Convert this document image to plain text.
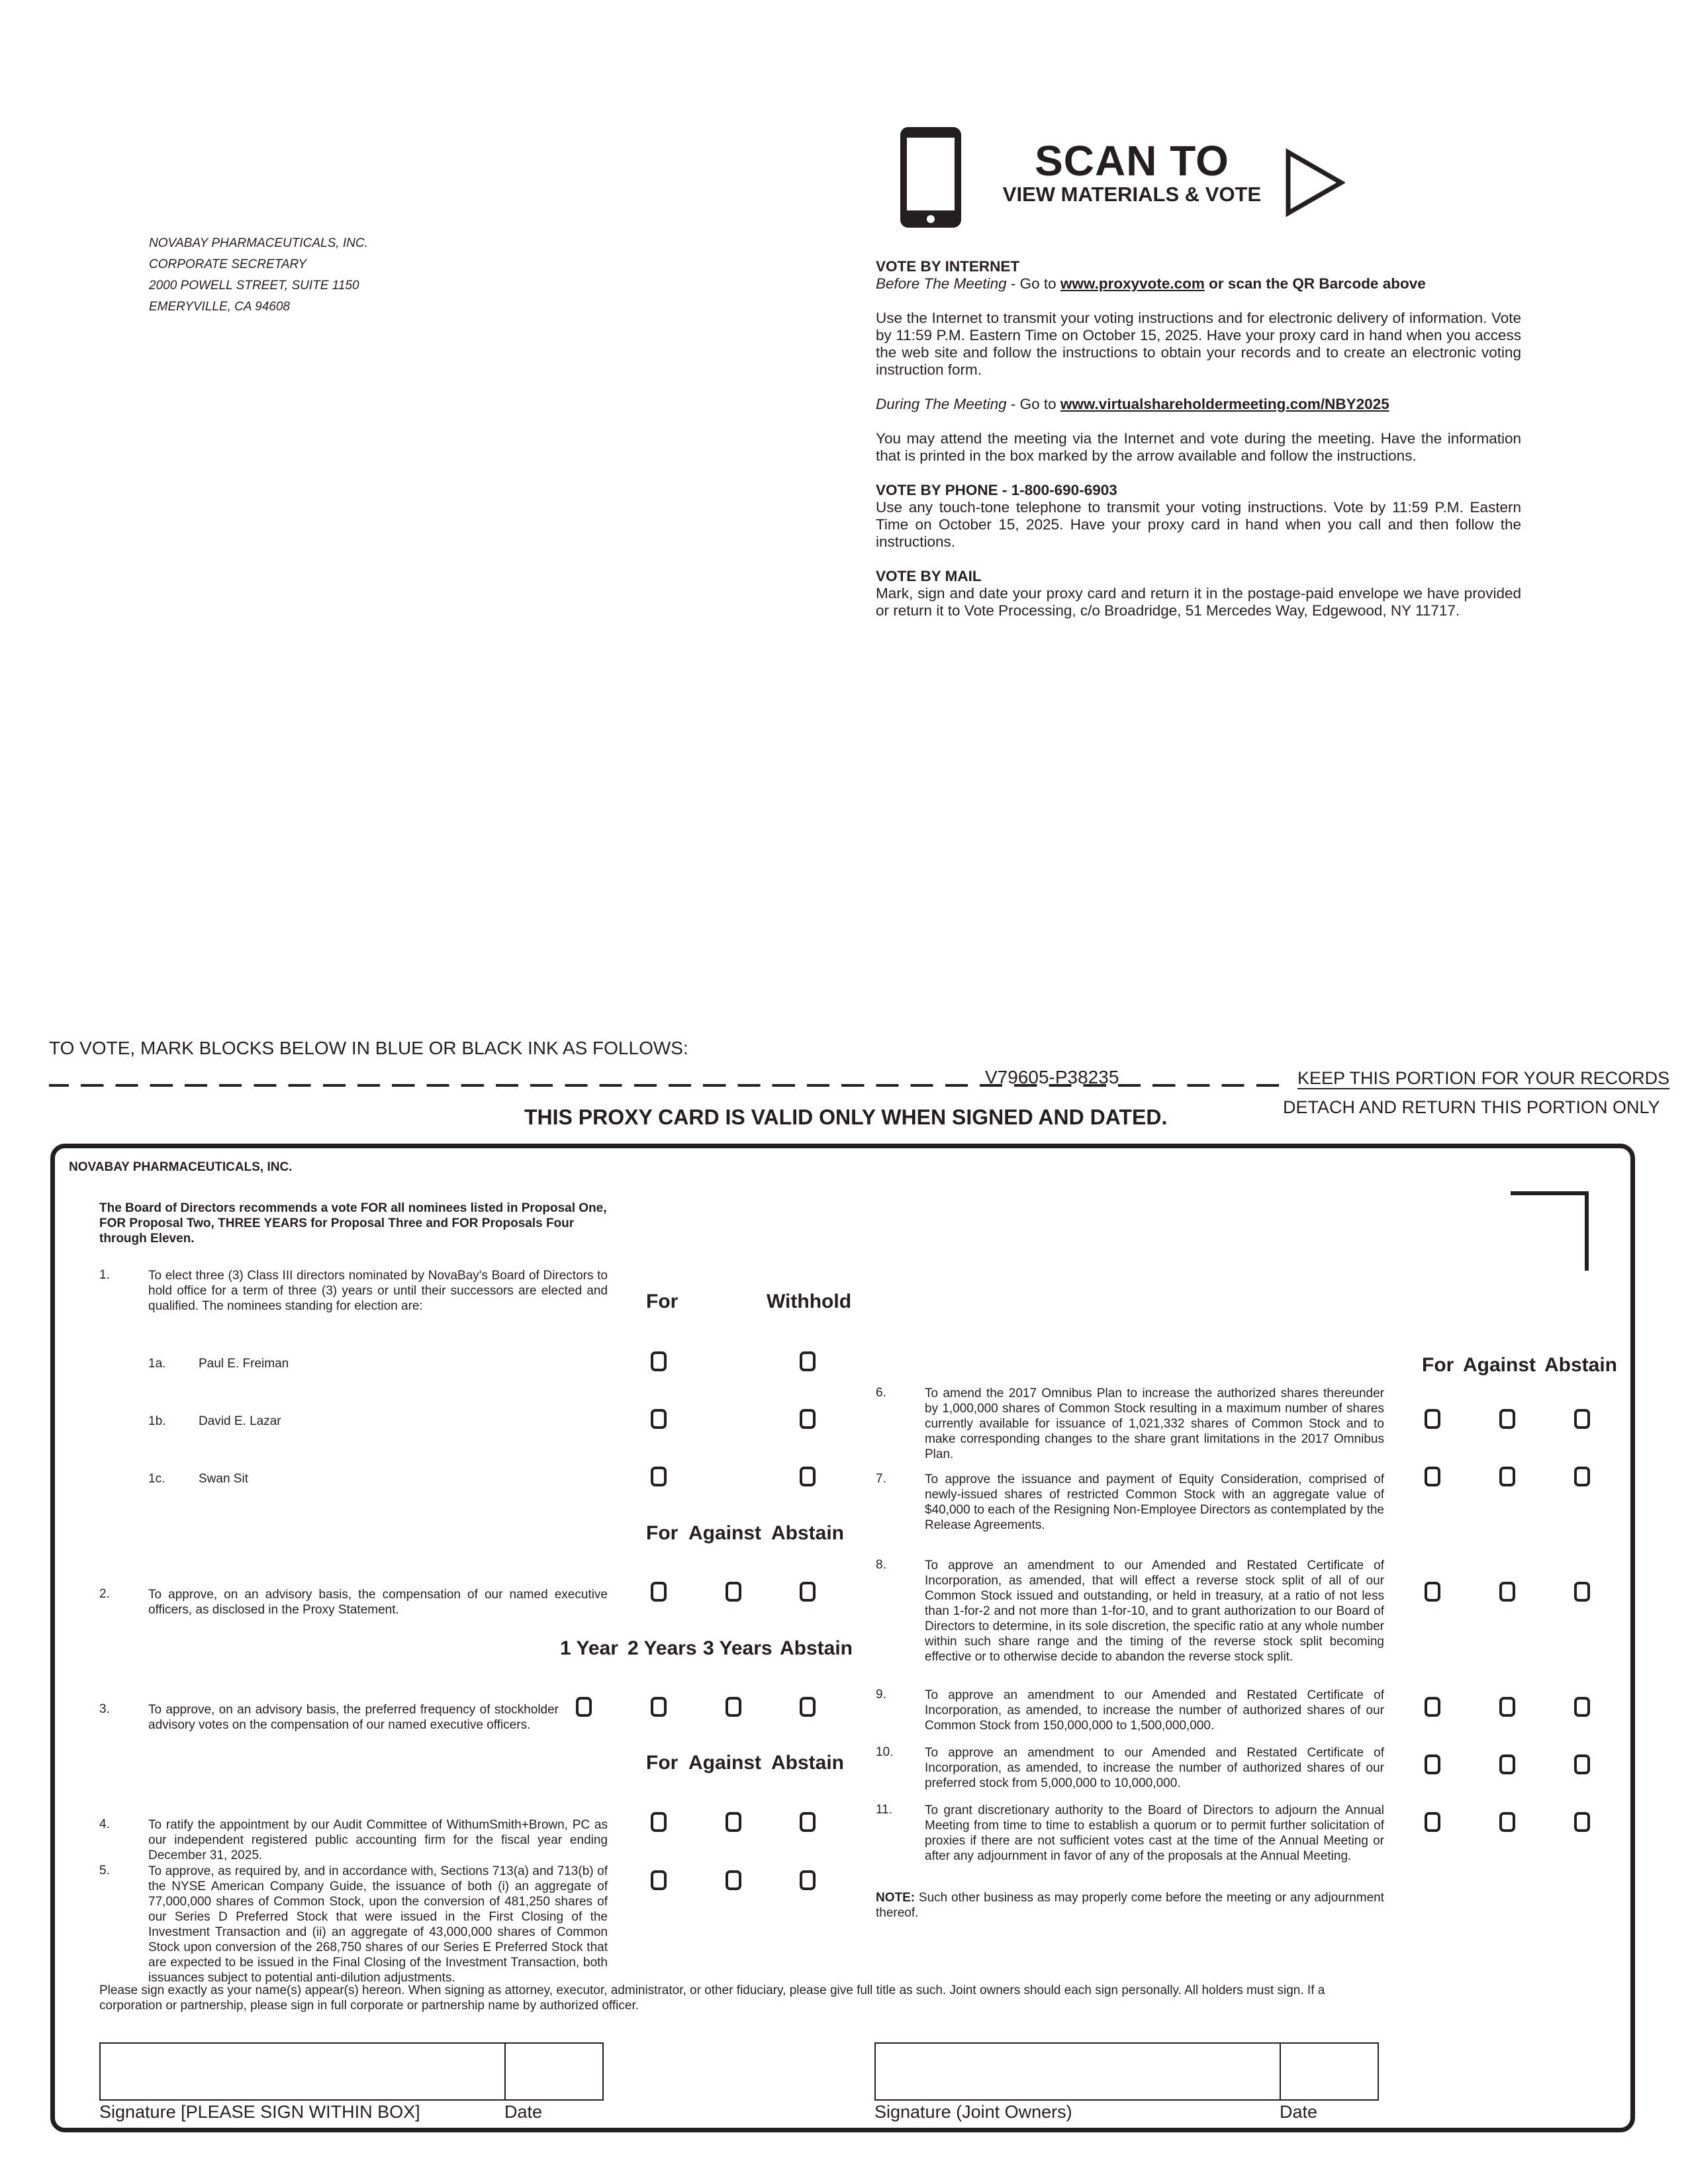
NOVABAY PHARMACEUTICALS, INC.
CORPORATE SECRETARY
2000 POWELL STREET, SUITE 1150
EMERYVILLE, CA 94608
SCAN TO
VIEW MATERIALS & VOTE
VOTE BY INTERNET
Before The Meeting - Go to www.proxyvote.com or scan the QR Barcode above

Use the Internet to transmit your voting instructions and for electronic delivery of information. Vote by 11:59 P.M. Eastern Time on October 15, 2025. Have your proxy card in hand when you access the web site and follow the instructions to obtain your records and to create an electronic voting instruction form.

During The Meeting - Go to www.virtualshareholdermeeting.com/NBY2025

You may attend the meeting via the Internet and vote during the meeting. Have the information that is printed in the box marked by the arrow available and follow the instructions.

VOTE BY PHONE - 1-800-690-6903
Use any touch-tone telephone to transmit your voting instructions. Vote by 11:59 P.M. Eastern Time on October 15, 2025. Have your proxy card in hand when you call and then follow the instructions.

VOTE BY MAIL
Mark, sign and date your proxy card and return it in the postage-paid envelope we have provided or return it to Vote Processing, c/o Broadridge, 51 Mercedes Way, Edgewood, NY 11717.

TO VOTE, MARK BLOCKS BELOW IN BLUE OR BLACK INK AS FOLLOWS:
V79605-P38235	KEEP THIS PORTION FOR YOUR RECORDS
DETACH AND RETURN THIS PORTION ONLY
THIS PROXY CARD IS VALID ONLY WHEN SIGNED AND DATED.
NOVABAY PHARMACEUTICALS, INC.
The Board of Directors recommends a vote FOR all nominees listed in Proposal One, FOR Proposal Two, THREE YEARS for Proposal Three and FOR Proposals Four through Eleven.
1.	To elect three (3) Class III directors nominated by NovaBay's Board of Directors to hold office for a term of three (3) years or until their successors are elected and qualified. The nominees standing for election are:	For	Withhold
1a.	Paul E. Freiman
1b.	David E. Lazar
1c.	Swan Sit
For Against Abstain
2.	To approve, on an advisory basis, the compensation of our named executive officers, as disclosed in the Proxy Statement.
1 Year 2 Years 3 Years Abstain
3.	To approve, on an advisory basis, the preferred frequency of stockholder advisory votes on the compensation of our named executive officers.
For Against Abstain
4.	To ratify the appointment by our Audit Committee of WithumSmith+Brown, PC as our independent registered public accounting firm for the fiscal year ending December 31, 2025.
5.	To approve, as required by, and in accordance with, Sections 713(a) and 713(b) of the NYSE American Company Guide, the issuance of both (i) an aggregate of 77,000,000 shares of Common Stock, upon the conversion of 481,250 shares of our Series D Preferred Stock that were issued in the First Closing of the Investment Transaction and (ii) an aggregate of 43,000,000 shares of Common Stock upon conversion of the 268,750 shares of our Series E Preferred Stock that are expected to be issued in the Final Closing of the Investment Transaction, both issuances subject to potential anti-dilution adjustments.
For Against Abstain
6.	To amend the 2017 Omnibus Plan to increase the authorized shares thereunder by 1,000,000 shares of Common Stock resulting in a maximum number of shares currently available for issuance of 1,021,332 shares of Common Stock and to make corresponding changes to the share grant limitations in the 2017 Omnibus Plan.
7.	To approve the issuance and payment of Equity Consideration, comprised of newly-issued shares of restricted Common Stock with an aggregate value of $40,000 to each of the Resigning Non-Employee Directors as contemplated by the Release Agreements.
8.	To approve an amendment to our Amended and Restated Certificate of Incorporation, as amended, that will effect a reverse stock split of all of our Common Stock issued and outstanding, or held in treasury, at a ratio of not less than 1-for-2 and not more than 1-for-10, and to grant authorization to our Board of Directors to determine, in its sole discretion, the specific ratio at any whole number within such share range and the timing of the reverse stock split becoming effective or to otherwise decide to abandon the reverse stock split.
9.	To approve an amendment to our Amended and Restated Certificate of Incorporation, as amended, to increase the number of authorized shares of our Common Stock from 150,000,000 to 1,500,000,000.
10.	To approve an amendment to our Amended and Restated Certificate of Incorporation, as amended, to increase the number of authorized shares of our preferred stock from 5,000,000 to 10,000,000.
11.	To grant discretionary authority to the Board of Directors to adjourn the Annual Meeting from time to time to establish a quorum or to permit further solicitation of proxies if there are not sufficient votes cast at the time of the Annual Meeting or after any adjournment in favor of any of the proposals at the Annual Meeting.
NOTE: Such other business as may properly come before the meeting or any adjournment thereof.
Please sign exactly as your name(s) appear(s) hereon. When signing as attorney, executor, administrator, or other fiduciary, please give full title as such. Joint owners should each sign personally. All holders must sign. If a corporation or partnership, please sign in full corporate or partnership name by authorized officer.
Signature [PLEASE SIGN WITHIN BOX]	Date	Signature (Joint Owners)	Date
